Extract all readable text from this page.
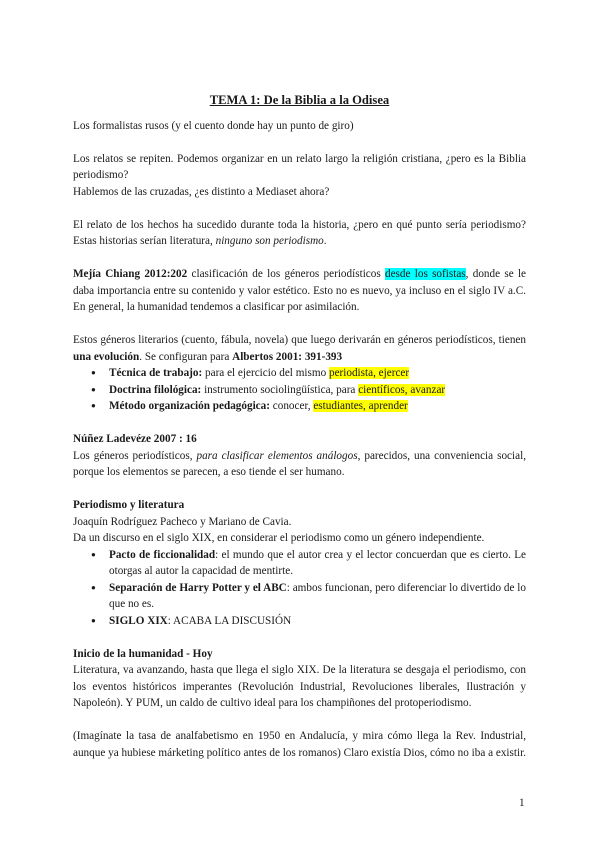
TEMA 1: De la Biblia a la Odisea

Los formalistas rusos (y el cuento donde hay un punto de giro)

Los relatos se repiten. Podemos organizar en un relato largo la religión cristiana, ¿pero es la Biblia periodismo?

Hablemos de las cruzadas, ¿es distinto a Mediaset ahora?

El relato de los hechos ha sucedido durante toda la historia, ¿pero en qué punto sería periodismo? Estas historias serían literatura, ninguno son periodismo.

Mejía Chiang 2012:202 clasificación de los géneros periodísticos desde los sofistas, donde se le daba importancia entre su contenido y valor estético. Esto no es nuevo, ya incluso en el siglo IV a.C. En general, la humanidad tendemos a clasificar por asimilación.

Estos géneros literarios (cuento, fábula, novela) que luego derivarán en géneros periodísticos, tienen una evolución. Se configuran para Albertos 2001: 391-393

● Técnica de trabajo: para el ejercicio del mismo periodista, ejercer
● Doctrina filológica: instrumento sociolingüística, para científicos, avanzar
● Método organización pedagógica: conocer, estudiantes, aprender

Núñez Ladevéze 2007 : 16

Los géneros periodísticos, para clasificar elementos análogos, parecidos, una conveniencia social, porque los elementos se parecen, a eso tiende el ser humano.

Periodismo y literatura

Joaquín Rodríguez Pacheco y Mariano de Cavia.

Da un discurso en el siglo XIX, en considerar el periodismo como un género independiente.

● Pacto de ficcionalidad: el mundo que el autor crea y el lector concuerdan que es cierto. Le otorgas al autor la capacidad de mentirte.
● Separación de Harry Potter y el ABC: ambos funcionan, pero diferenciar lo divertido de lo que no es.
● SIGLO XIX: ACABA LA DISCUSIÓN

Inicio de la humanidad - Hoy

Literatura, va avanzando, hasta que llega el siglo XIX. De la literatura se desgaja el periodismo, con los eventos históricos imperantes (Revolución Industrial, Revoluciones liberales, Ilustración y Napoleón). Y PUM, un caldo de cultivo ideal para los champiñones del protoperiodismo.

(Imagínate la tasa de analfabetismo en 1950 en Andalucía, y mira cómo llega la Rev. Industrial, aunque ya hubiese márketing político antes de los romanos) Claro existía Dios, cómo no iba a existir.

1
